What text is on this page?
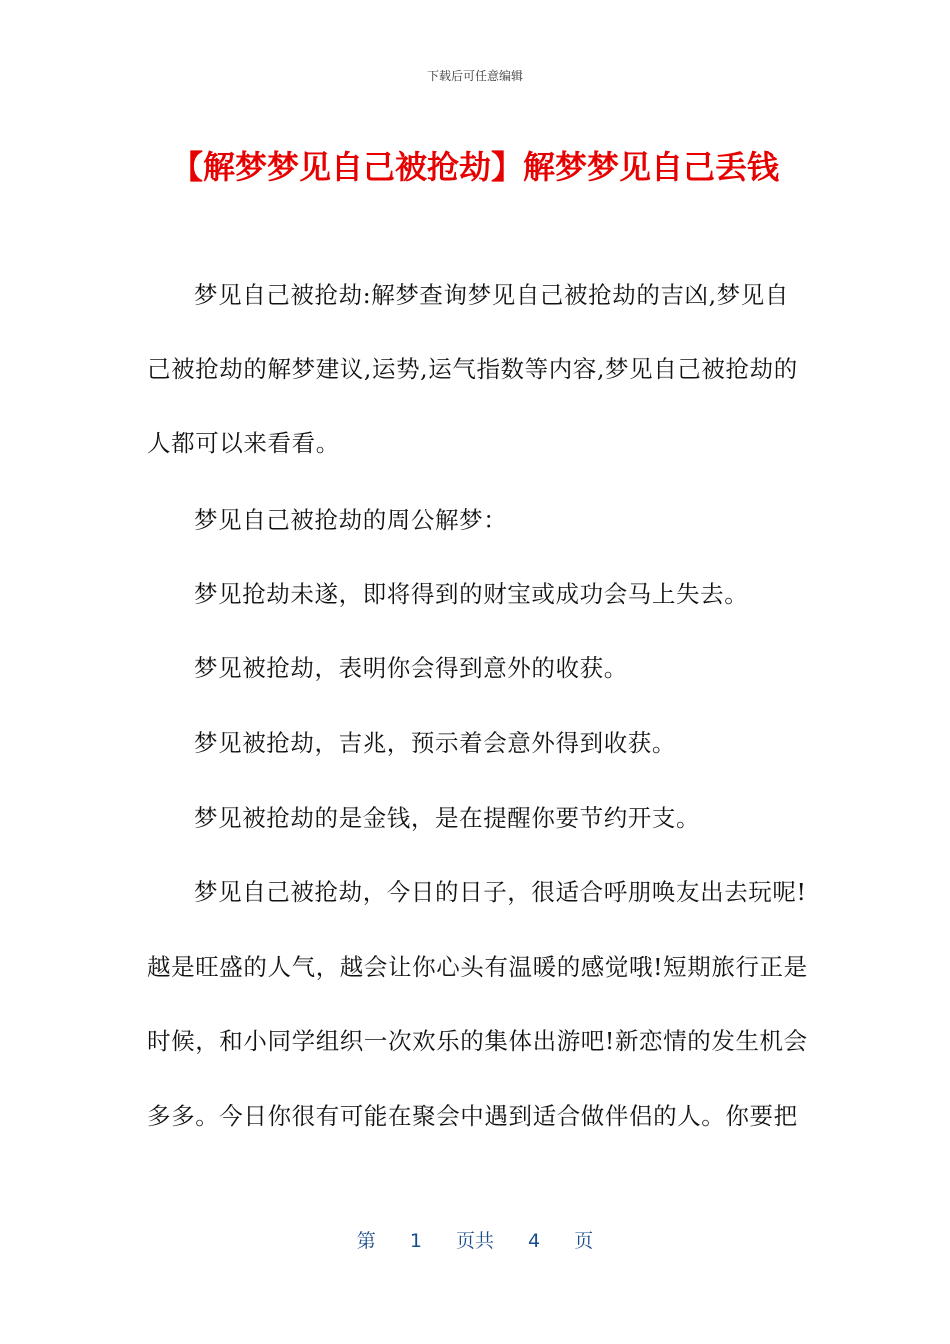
下载后可任意编辑
【解梦梦见自己被抢劫】解梦梦见自己丢钱
梦见自己被抢劫:解梦查询梦见自己被抢劫的吉凶,梦见自
己被抢劫的解梦建议,运势,运气指数等内容,梦见自己被抢劫的
人都可以来看看。
梦见自己被抢劫的周公解梦：
梦见抢劫未遂，即将得到的财宝或成功会马上失去。
梦见被抢劫，表明你会得到意外的收获。
梦见被抢劫，吉兆，预示着会意外得到收获。
梦见被抢劫的是金钱，是在提醒你要节约开支。
梦见自己被抢劫，今日的日子，很适合呼朋唤友出去玩呢!
越是旺盛的人气，越会让你心头有温暖的感觉哦!短期旅行正是
时候，和小同学组织一次欢乐的集体出游吧!新恋情的发生机会
多多。今日你很有可能在聚会中遇到适合做伴侣的人。你要把
第 1 页共 4 页
